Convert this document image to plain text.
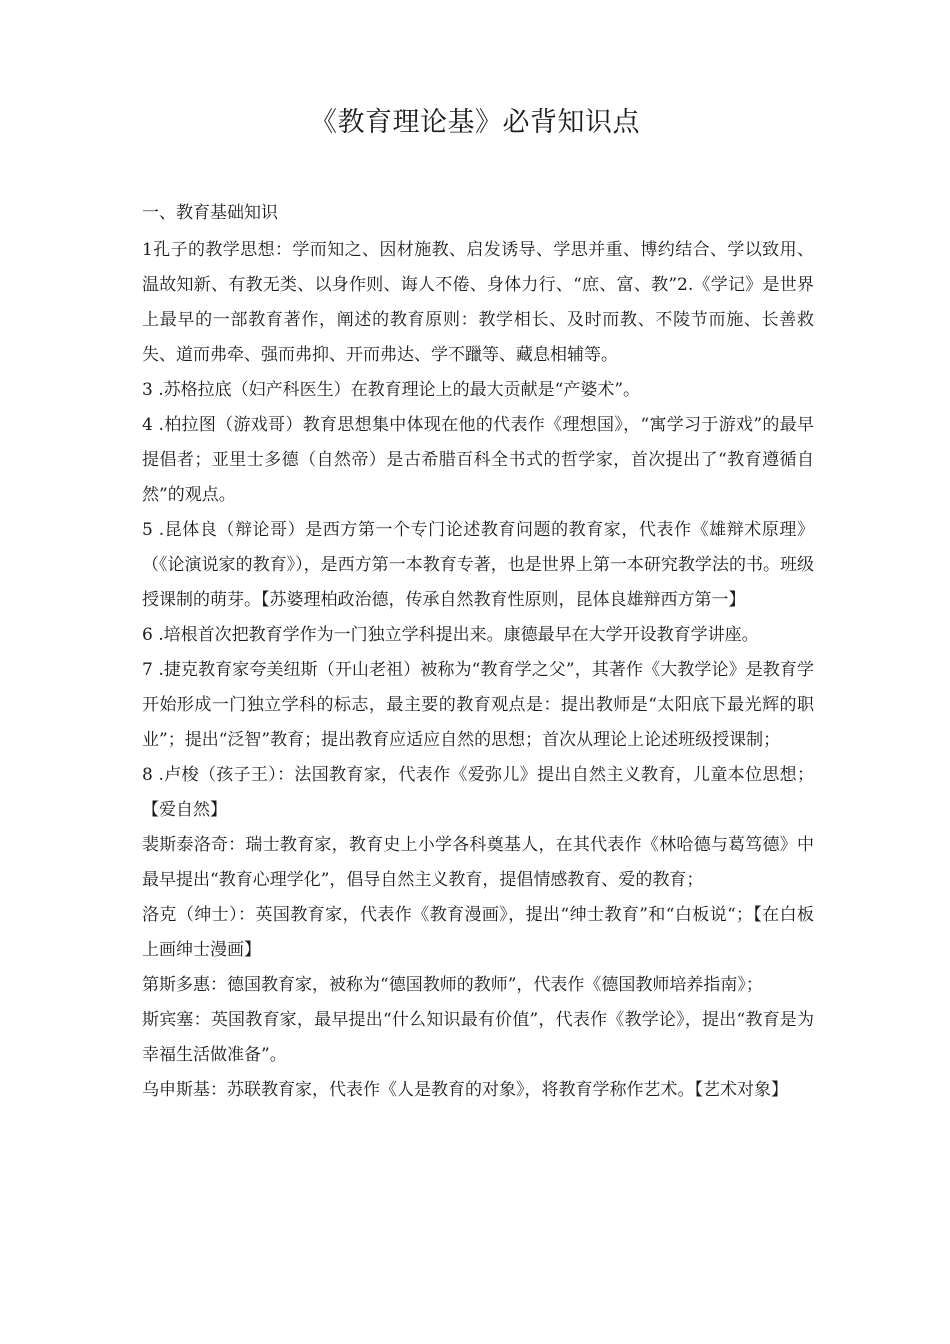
《教育理论基》必背知识点

一、教育基础知识

1孔子的教学思想：学而知之、因材施教、启发诱导、学思并重、博约结合、学以致用、温故知新、有教无类、以身作则、诲人不倦、身体力行、“庶、富、教”2.《学记》是世界上最早的一部教育著作，阐述的教育原则：教学相长、及时而教、不陵节而施、长善救失、道而弗牵、强而弗抑、开而弗达、学不躐等、藏息相辅等。

3 .苏格拉底（妇产科医生）在教育理论上的最大贡献是“产婆术”。

4 .柏拉图（游戏哥）教育思想集中体现在他的代表作《理想国》，“寓学习于游戏”的最早提倡者；亚里士多德（自然帝）是古希腊百科全书式的哲学家，首次提出了“教育遵循自然”的观点。

5 .昆体良（辩论哥）是西方第一个专门论述教育问题的教育家，代表作《雄辩术原理》（《论演说家的教育》），是西方第一本教育专著，也是世界上第一本研究教学法的书。班级授课制的萌芽。【苏婆理柏政治德，传承自然教育性原则，昆体良雄辩西方第一】

6 .培根首次把教育学作为一门独立学科提出来。康德最早在大学开设教育学讲座。

7 .捷克教育家夸美纽斯（开山老祖）被称为“教育学之父”，其著作《大教学论》是教育学开始形成一门独立学科的标志，最主要的教育观点是：提出教师是“太阳底下最光辉的职业”；提出“泛智”教育；提出教育应适应自然的思想；首次从理论上论述班级授课制；

8 .卢梭（孩子王）：法国教育家，代表作《爱弥儿》提出自然主义教育，儿童本位思想；【爱自然】

裴斯泰洛奇：瑞士教育家，教育史上小学各科奠基人，在其代表作《林哈德与葛笃德》中最早提出“教育心理学化”，倡导自然主义教育，提倡情感教育、爱的教育；

洛克（绅士）：英国教育家，代表作《教育漫画》，提出“绅士教育”和“白板说“；【在白板上画绅士漫画】

第斯多惠：德国教育家，被称为“德国教师的教师”，代表作《德国教师培养指南》；

斯宾塞：英国教育家，最早提出“什么知识最有价值”，代表作《教学论》，提出“教育是为幸福生活做准备”。

乌申斯基：苏联教育家，代表作《人是教育的对象》，将教育学称作艺术。【艺术对象】
